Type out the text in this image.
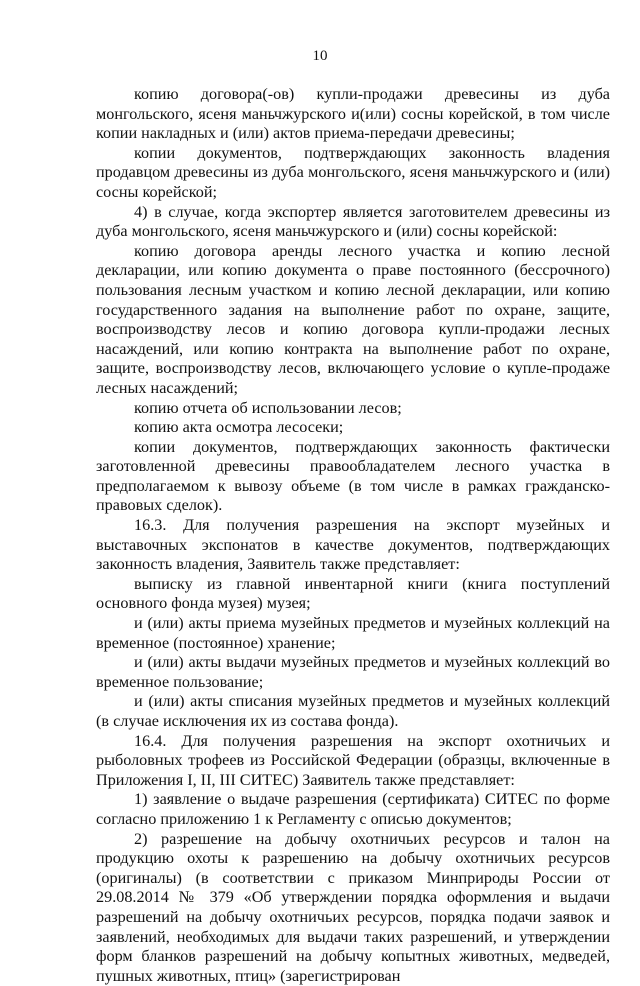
10

копию договора(-ов) купли-продажи древесины из дуба монгольского, ясеня маньчжурского и(или) сосны корейской, в том числе копии накладных и (или) актов приема-передачи древесины;

копии документов, подтверждающих законность владения продавцом древесины из дуба монгольского, ясеня маньчжурского и (или) сосны корейской;

4) в случае, когда экспортер является заготовителем древесины из дуба монгольского, ясеня маньчжурского и (или) сосны корейской:

копию договора аренды лесного участка и копию лесной декларации, или копию документа о праве постоянного (бессрочного) пользования лесным участком и копию лесной декларации, или копию государственного задания на выполнение работ по охране, защите, воспроизводству лесов и копию договора купли-продажи лесных насаждений, или копию контракта на выполнение работ по охране, защите, воспроизводству лесов, включающего условие о купле-продаже лесных насаждений;

копию отчета об использовании лесов;

копию акта осмотра лесосеки;

копии документов, подтверждающих законность фактически заготовленной древесины правообладателем лесного участка в предполагаемом к вывозу объеме (в том числе в рамках гражданско-правовых сделок).

16.3. Для получения разрешения на экспорт музейных и выставочных экспонатов в качестве документов, подтверждающих законность владения, Заявитель также представляет:

выписку из главной инвентарной книги (книга поступлений основного фонда музея) музея;

и (или) акты приема музейных предметов и музейных коллекций на временное (постоянное) хранение;

и (или) акты выдачи музейных предметов и музейных коллекций во временное пользование;

и (или) акты списания музейных предметов и музейных коллекций (в случае исключения их из состава фонда).

16.4. Для получения разрешения на экспорт охотничьих и рыболовных трофеев из Российской Федерации (образцы, включенные в Приложения I, II, III СИТЕС) Заявитель также представляет:

1) заявление о выдаче разрешения (сертификата) СИТЕС по форме согласно приложению 1 к Регламенту с описью документов;

2) разрешение на добычу охотничьих ресурсов и талон на продукцию охоты к разрешению на добычу охотничьих ресурсов (оригиналы) (в соответствии с приказом Минприроды России от 29.08.2014 № 379 «Об утверждении порядка оформления и выдачи разрешений на добычу охотничьих ресурсов, порядка подачи заявок и заявлений, необходимых для выдачи таких разрешений, и утверждении форм бланков разрешений на добычу копытных животных, медведей, пушных животных, птиц» (зарегистрирован
